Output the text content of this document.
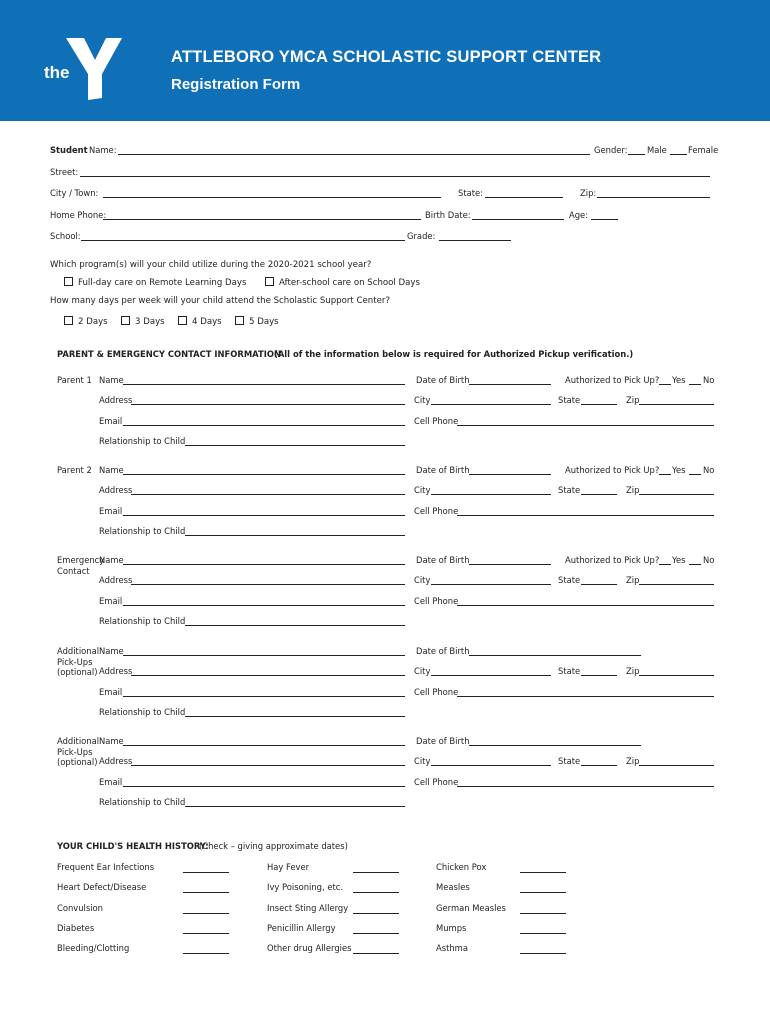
the
YMCA
ATTLEBORO YMCA SCHOLASTIC SUPPORT CENTER
Registration Form
Student Name:	Gender: Male	Female
Street:
City / Town:	State:	Zip:
Home Phone:	Birth Date:	Age:
School:	Grade:
Which program(s) will your child utilize during the 2020-2021 school year?
Full-day care on Remote Learning Days	After-school care on School Days
How many days per week will your child attend the Scholastic Support Center?
2 Days	3 Days	4 Days	5 Days
PARENT & EMERGENCY CONTACT INFORMATION
(All of the information below is required for Authorized Pickup verification.)
Parent 1 Name	Date of Birth	Authorized to Pick Up? Yes No
Address	City	State	Zip
Email	Cell Phone
Relationship to Child
Parent 2 Name	Date of Birth	Authorized to Pick Up? Yes No
Address	City	State	Zip
Email	Cell Phone
Relationship to Child
Emergency
Contact
Name	Date of Birth	Authorized to Pick Up? Yes No
Address	City	State	Zip
Email	Cell Phone
Relationship to Child
Additional
Pick-Ups
(optional)
Name	Date of Birth
Address	City	State	Zip
Email	Cell Phone
Relationship to Child
Additional
Pick-Ups
(optional)
Name	Date of Birth
Address	City	State	Zip
Email	Cell Phone
Relationship to Child
YOUR CHILD'S HEALTH HISTORY:
(Check – giving approximate dates)
Frequent Ear Infections	Hay Fever	Chicken Pox
Heart Defect/Disease	Ivy Poisoning, etc.	Measles
Convulsion	Insect Sting Allergy	German Measles
Diabetes	Penicillin Allergy	Mumps
Bleeding/Clotting	Other drug Allergies	Asthma
